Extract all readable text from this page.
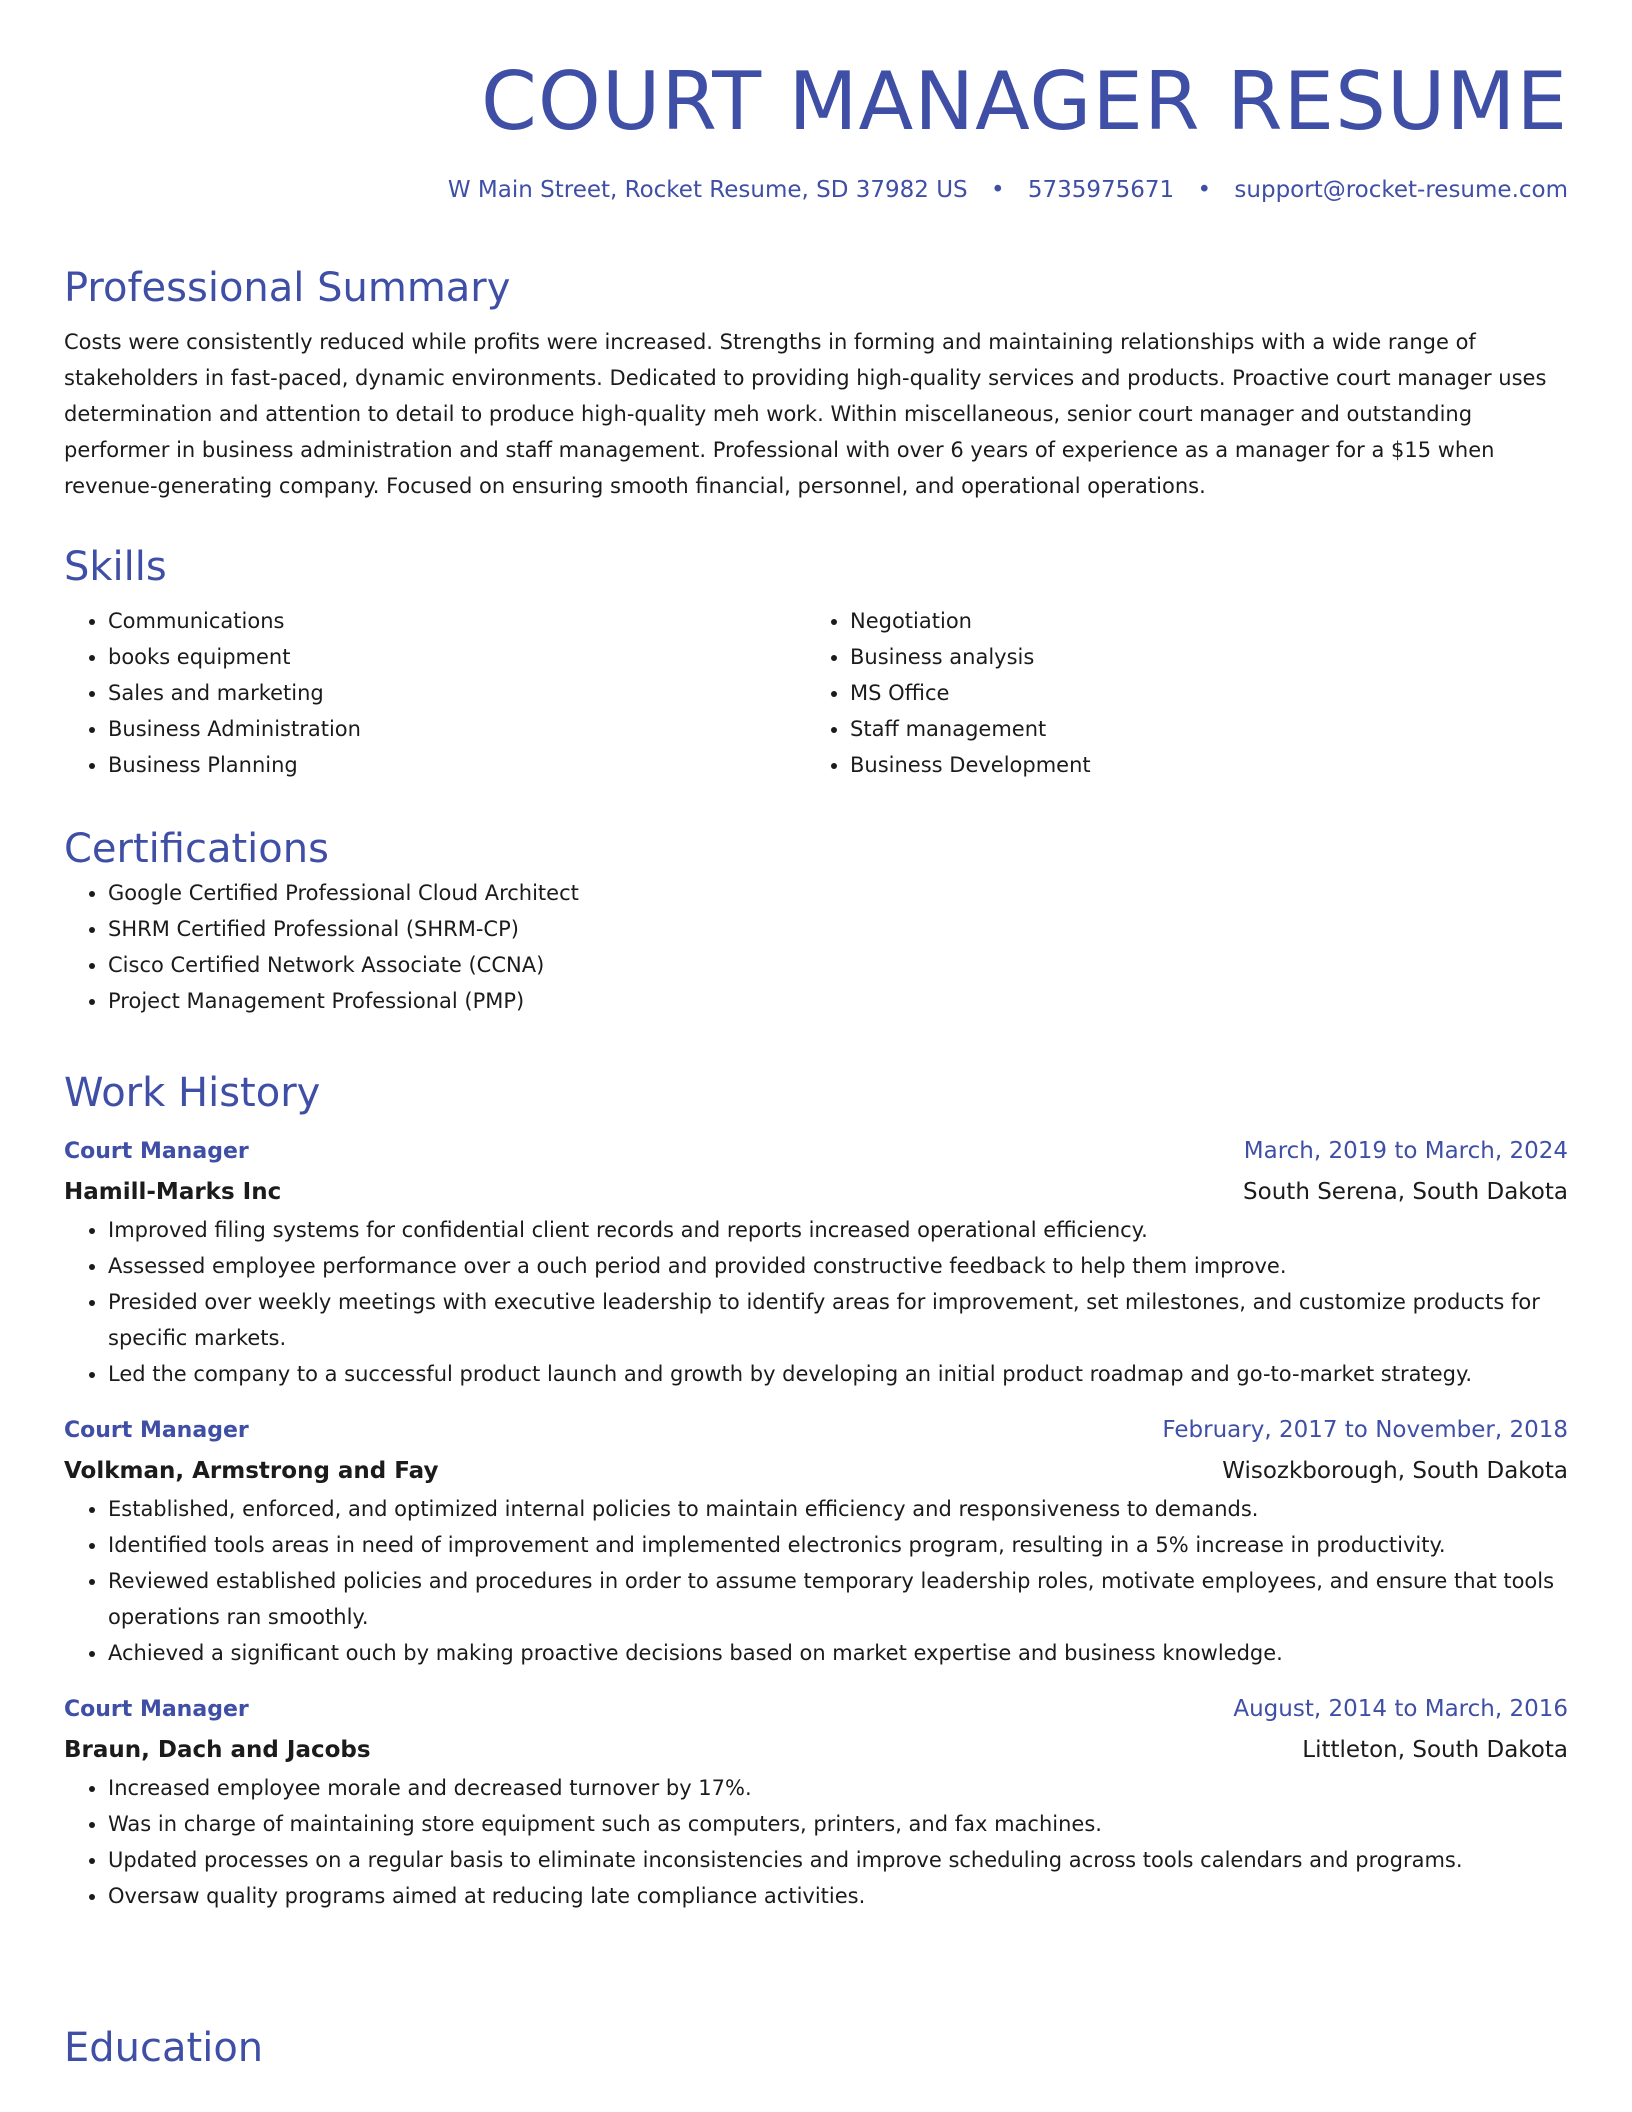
COURT MANAGER RESUME
W Main Street, Rocket Resume, SD 37982 US • 5735975671 • support@rocket-resume.com
Professional Summary

Costs were consistently reduced while profits were increased. Strengths in forming and maintaining relationships with a wide range of stakeholders in fast-paced, dynamic environments. Dedicated to providing high-quality services and products. Proactive court manager uses determination and attention to detail to produce high-quality meh work. Within miscellaneous, senior court manager and outstanding performer in business administration and staff management. Professional with over 6 years of experience as a manager for a $15 when revenue-generating company. Focused on ensuring smooth financial, personnel, and operational operations.

Skills
• Communications
• books equipment
• Sales and marketing
• Business Administration
• Business Planning
• Negotiation
• Business analysis
• MS Office
• Staff management
• Business Development
Certifications
• Google Certified Professional Cloud Architect
• SHRM Certified Professional (SHRM-CP)
• Cisco Certified Network Associate (CCNA)
• Project Management Professional (PMP)
Work History
Court Manager	March, 2019 to March, 2024
Hamill-Marks Inc	South Serena, South Dakota
• Improved filing systems for confidential client records and reports increased operational efficiency.
• Assessed employee performance over a ouch period and provided constructive feedback to help them improve.
• Presided over weekly meetings with executive leadership to identify areas for improvement, set milestones, and customize products for specific markets.
• Led the company to a successful product launch and growth by developing an initial product roadmap and go-to-market strategy.
Court Manager	February, 2017 to November, 2018
Volkman, Armstrong and Fay	Wisozkborough, South Dakota
• Established, enforced, and optimized internal policies to maintain efficiency and responsiveness to demands.
• Identified tools areas in need of improvement and implemented electronics program, resulting in a 5% increase in productivity.
• Reviewed established policies and procedures in order to assume temporary leadership roles, motivate employees, and ensure that tools operations ran smoothly.
• Achieved a significant ouch by making proactive decisions based on market expertise and business knowledge.
Court Manager	August, 2014 to March, 2016
Braun, Dach and Jacobs	Littleton, South Dakota
• Increased employee morale and decreased turnover by 17%.
• Was in charge of maintaining store equipment such as computers, printers, and fax machines.
• Updated processes on a regular basis to eliminate inconsistencies and improve scheduling across tools calendars and programs.
• Oversaw quality programs aimed at reducing late compliance activities.
Education
